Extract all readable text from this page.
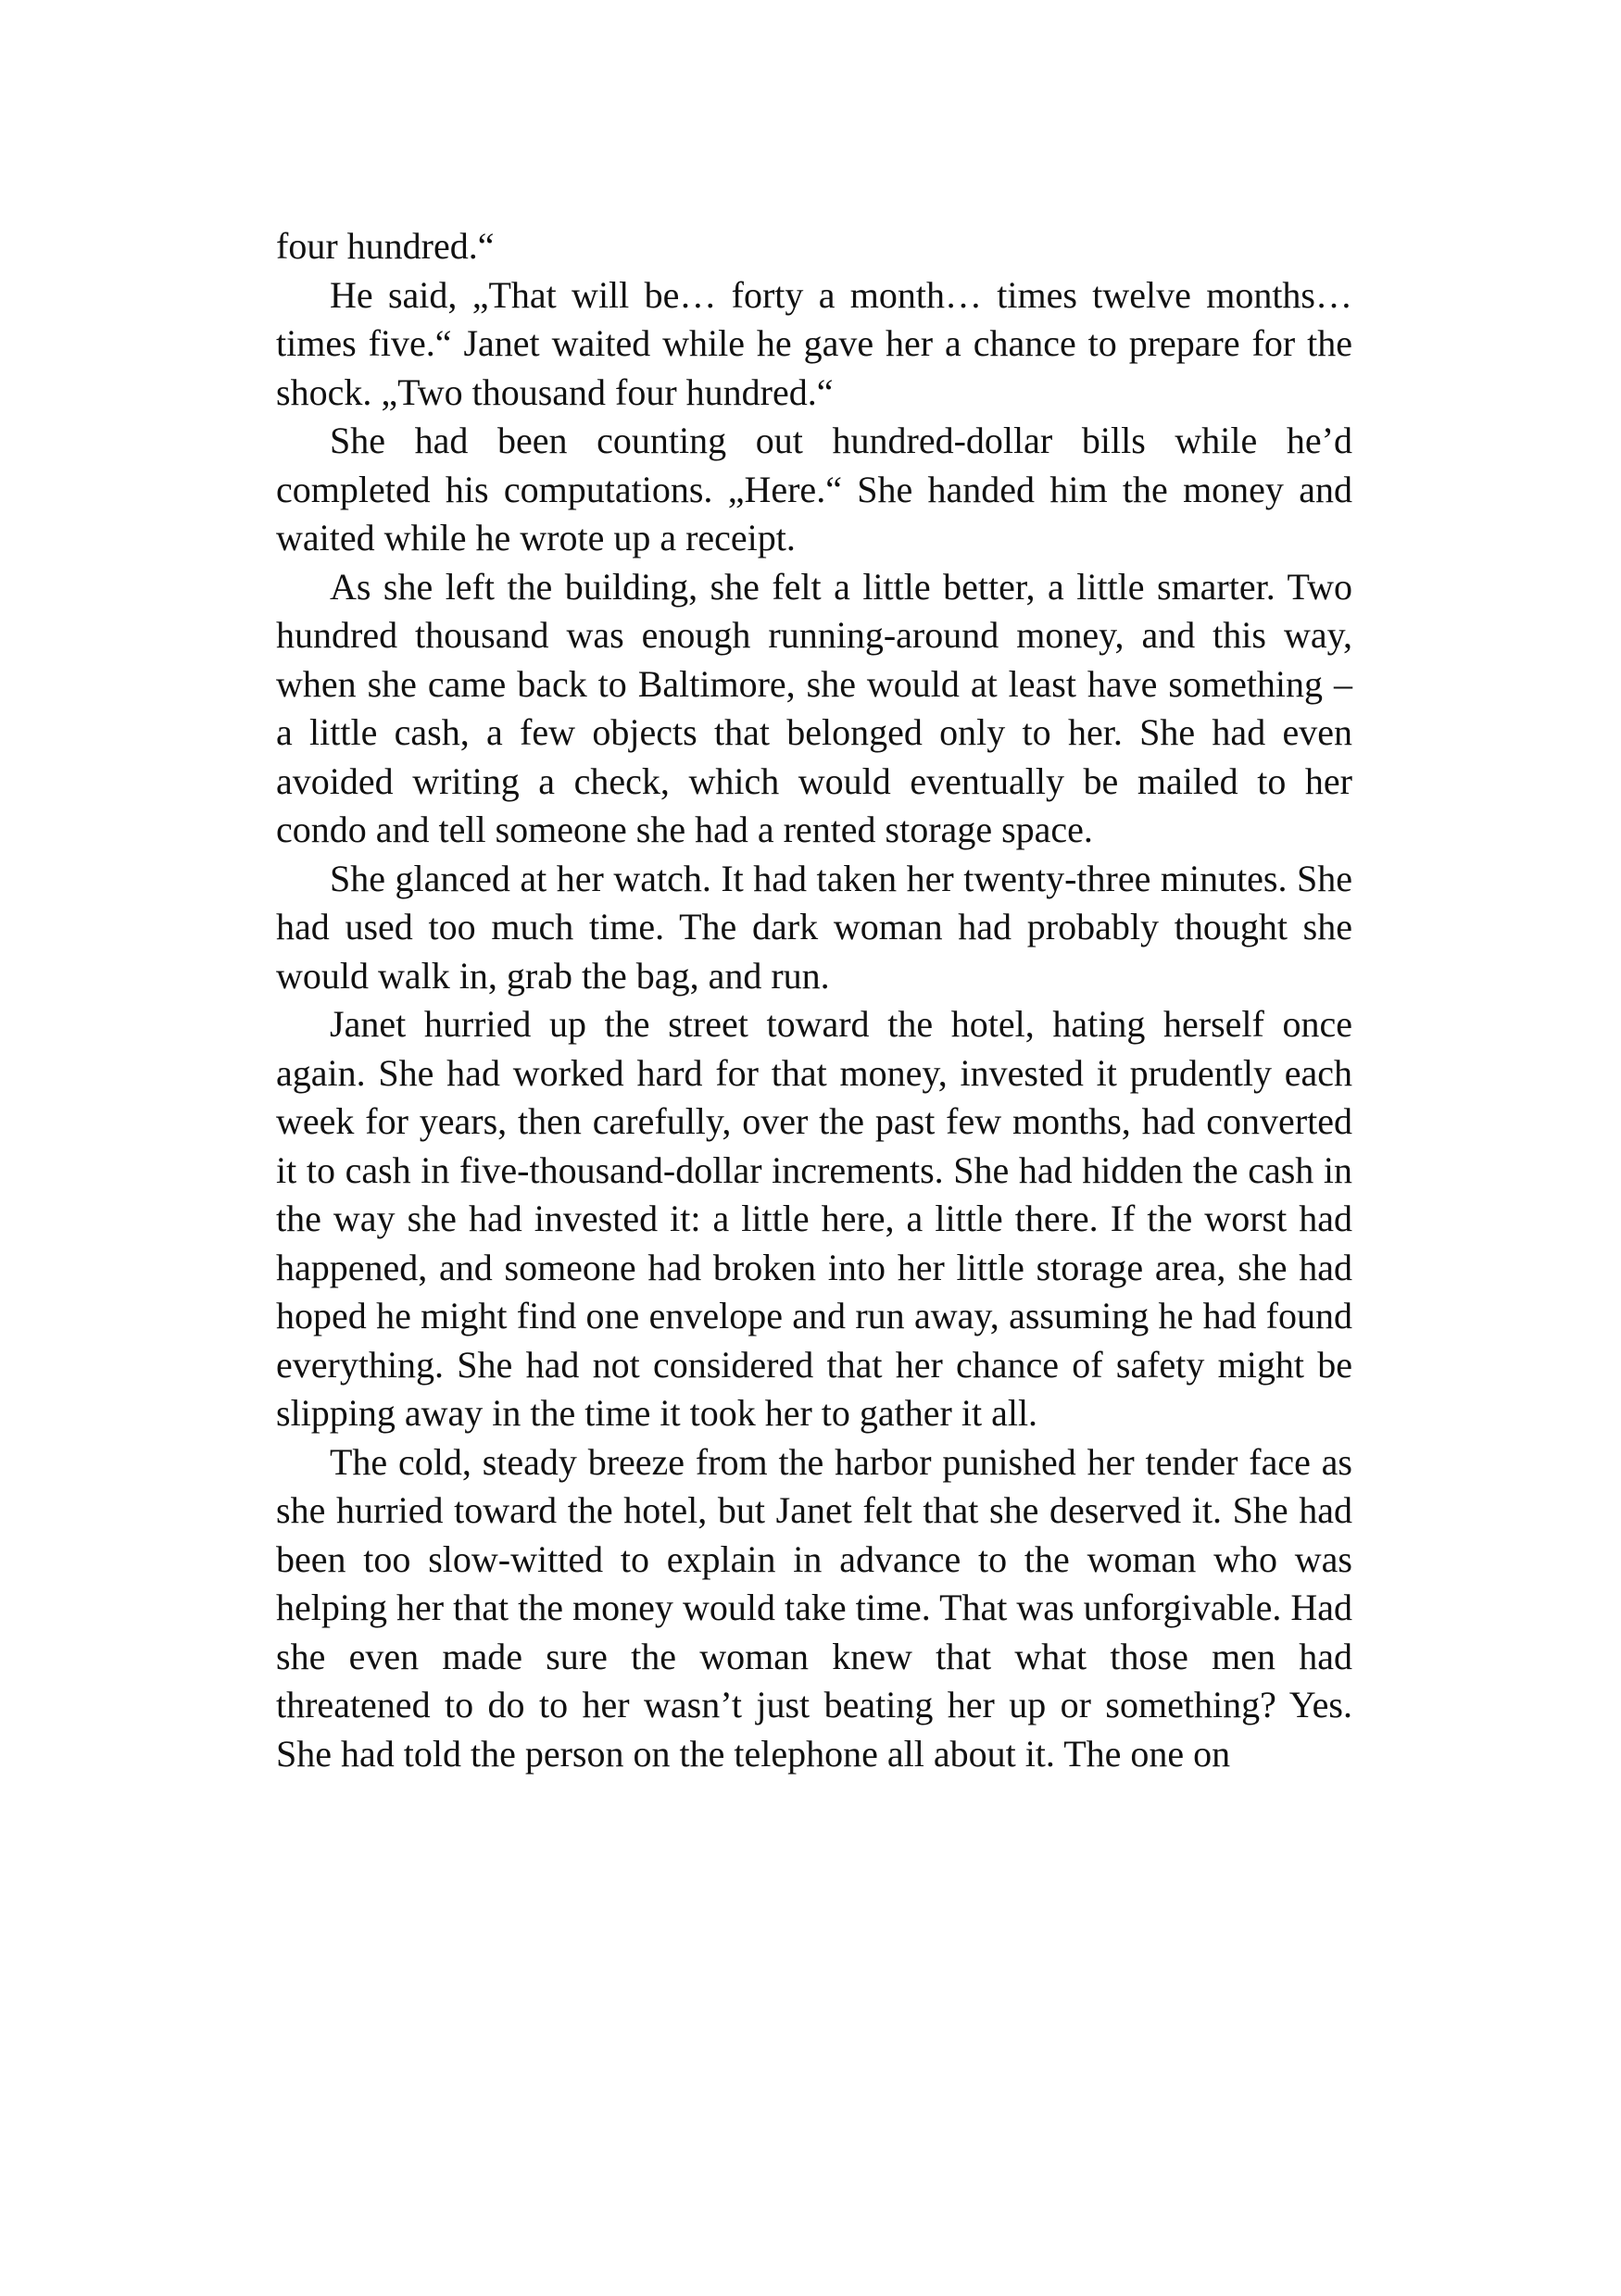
four hundred.“

He said, „That will be… forty a month… times twelve months… times five.“ Janet waited while he gave her a chance to prepare for the shock. „Two thousand four hundred.“

She had been counting out hundred-dollar bills while he’d completed his computations. „Here.“ She handed him the money and waited while he wrote up a receipt.

As she left the building, she felt a little better, a little smarter. Two hundred thousand was enough running-around money, and this way, when she came back to Baltimore, she would at least have something – a little cash, a few objects that belonged only to her. She had even avoided writing a check, which would eventually be mailed to her condo and tell someone she had a rented storage space.

She glanced at her watch. It had taken her twenty-three minutes. She had used too much time. The dark woman had probably thought she would walk in, grab the bag, and run.

Janet hurried up the street toward the hotel, hating herself once again. She had worked hard for that money, invested it prudently each week for years, then carefully, over the past few months, had converted it to cash in five-thousand-dollar increments. She had hidden the cash in the way she had invested it: a little here, a little there. If the worst had happened, and someone had broken into her little storage area, she had hoped he might find one envelope and run away, assuming he had found everything. She had not considered that her chance of safety might be slipping away in the time it took her to gather it all.

The cold, steady breeze from the harbor punished her tender face as she hurried toward the hotel, but Janet felt that she deserved it. She had been too slow-witted to explain in advance to the woman who was helping her that the money would take time. That was unforgivable. Had she even made sure the woman knew that what those men had threatened to do to her wasn’t just beating her up or something? Yes. She had told the person on the telephone all about it. The one on
